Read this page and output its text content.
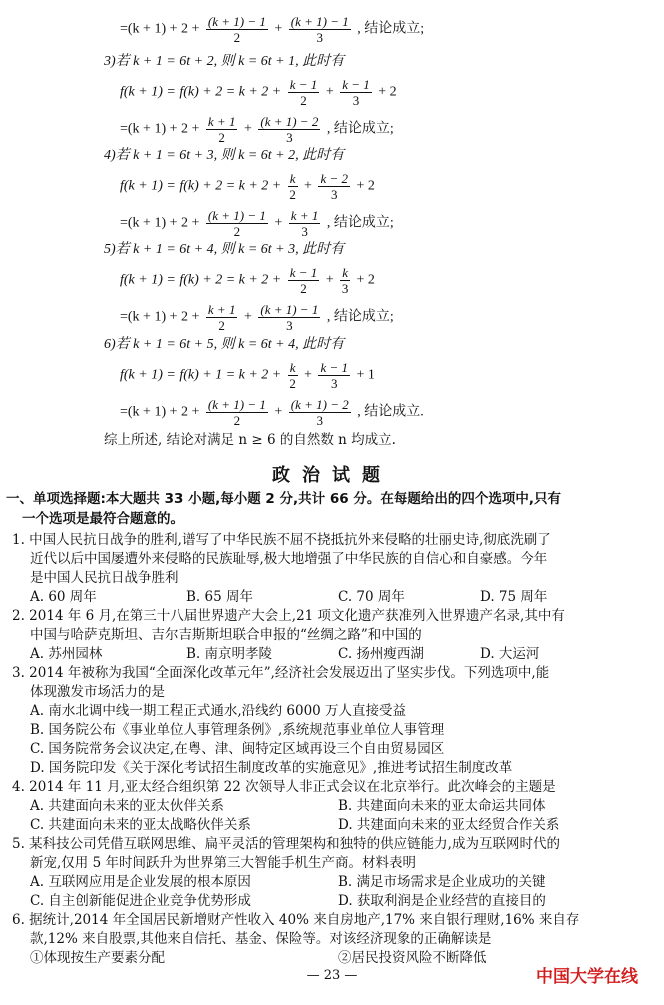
$=(k + 1) + 2 + \frac{(k + 1) - 1}{2} + \frac{(k + 1) - 1}{3}$ , 结论成立;
3)若 k + 1 = 6t + 2, 则 k = 6t + 1, 此时有
$f(k + 1) = f(k) + 2 = k + 2 + \frac{k - 1}{2} + \frac{k - 1}{3} + 2$
$=(k + 1) + 2 + \frac{k + 1}{2} + \frac{(k + 1) - 2}{3}$ , 结论成立;
4)若 k + 1 = 6t + 3, 则 k = 6t + 2, 此时有
$f(k + 1) = f(k) + 2 = k + 2 + \frac{k}{2} + \frac{k - 2}{3} + 2$
$=(k + 1) + 2 + \frac{(k + 1) - 1}{2} + \frac{k + 1}{3}$ , 结论成立;
5)若 k + 1 = 6t + 4, 则 k = 6t + 3, 此时有
$f(k + 1) = f(k) + 2 = k + 2 + \frac{k - 1}{2} + \frac{k}{3} + 2$
$=(k + 1) + 2 + \frac{k + 1}{2} + \frac{(k + 1) - 1}{3}$ , 结论成立;
6)若 k + 1 = 6t + 5, 则 k = 6t + 4, 此时有
$f(k + 1) = f(k) + 1 = k + 2 + \frac{k}{2} + \frac{k - 1}{3} + 1$
$=(k + 1) + 2 + \frac{(k + 1) - 1}{2} + \frac{(k + 1) - 2}{3}$ , 结论成立.
综上所述, 结论对满足 n ≥ 6 的自然数 n 均成立.
政治试题
一、单项选择题:本大题共 33 小题,每小题 2 分,共计 66 分。在每题给出的四个选项中,只有
一个选项是最符合题意的。
1. 中国人民抗日战争的胜利,谱写了中华民族不屈不挠抵抗外来侵略的壮丽史诗,彻底洗刷了
近代以后中国屡遭外来侵略的民族耻辱,极大地增强了中华民族的自信心和自豪感。今年
是中国人民抗日战争胜利
A. 60 周年	B. 65 周年	C. 70 周年	D. 75 周年
2. 2014 年 6 月,在第三十八届世界遗产大会上,21 项文化遗产获准列入世界遗产名录,其中有
中国与哈萨克斯坦、吉尔吉斯斯坦联合申报的“丝绸之路”和中国的
A. 苏州园林	B. 南京明孝陵	C. 扬州瘦西湖	D. 大运河
3. 2014 年被称为我国“全面深化改革元年”,经济社会发展迈出了坚实步伐。下列选项中,能
体现激发市场活力的是
A. 南水北调中线一期工程正式通水,沿线约 6000 万人直接受益
B. 国务院公布《事业单位人事管理条例》,系统规范事业单位人事管理
C. 国务院常务会议决定,在粤、津、闽特定区域再设三个自由贸易园区
D. 国务院印发《关于深化考试招生制度改革的实施意见》,推进考试招生制度改革
4. 2014 年 11 月,亚太经合组织第 22 次领导人非正式会议在北京举行。此次峰会的主题是
A. 共建面向未来的亚太伙伴关系	B. 共建面向未来的亚太命运共同体
C. 共建面向未来的亚太战略伙伴关系	D. 共建面向未来的亚太经贸合作关系
5. 某科技公司凭借互联网思维、扁平灵活的管理架构和独特的供应链能力,成为互联网时代的
新宠,仅用 5 年时间跃升为世界第三大智能手机生产商。材料表明
A. 互联网应用是企业发展的根本原因	B. 满足市场需求是企业成功的关键
C. 自主创新能促进企业竞争优势形成	D. 获取利润是企业经营的直接目的
6. 据统计,2014 年全国居民新增财产性收入 40% 来自房地产,17% 来自银行理财,16% 来自存
款,12% 来自股票,其他来自信托、基金、保险等。对该经济现象的正确解读是
①体现按生产要素分配	②居民投资风险不断降低
— 23 —	中国大学在线
